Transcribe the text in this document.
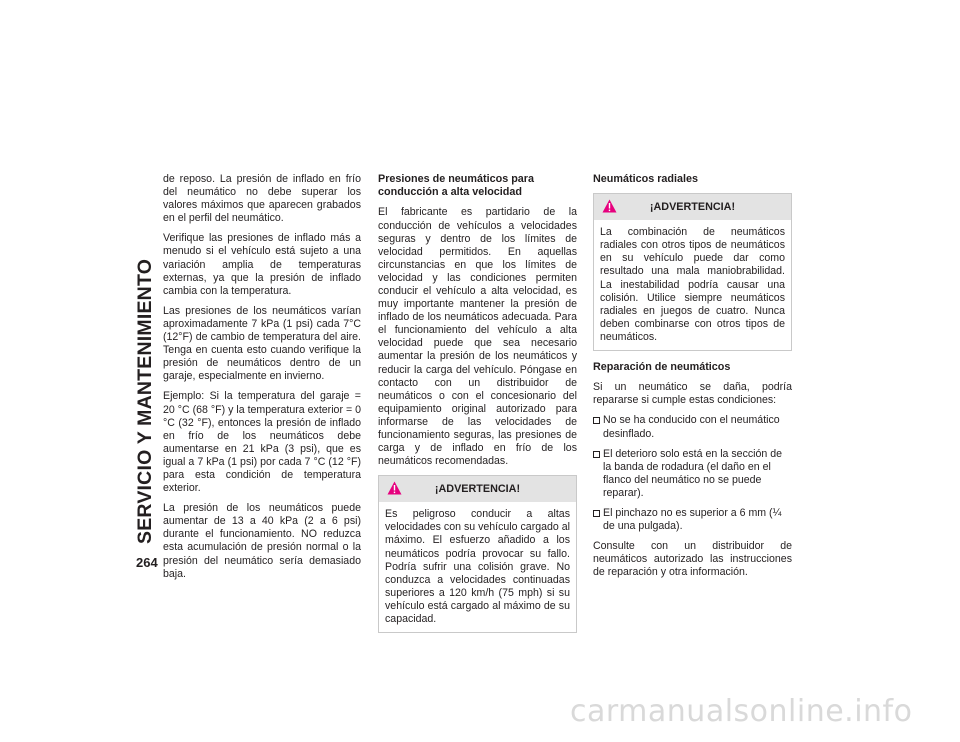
SERVICIO Y MANTENIMIENTO
264

de reposo. La presión de inflado en frío del neumático no debe superar los valores máximos que aparecen grabados en el perfil del neumático.

Verifique las presiones de inflado más a menudo si el vehículo está sujeto a una variación amplia de temperaturas externas, ya que la presión de inflado cambia con la temperatura.

Las presiones de los neumáticos varían aproximadamente 7 kPa (1 psi) cada 7°C (12°F) de cambio de temperatura del aire. Tenga en cuenta esto cuando verifique la presión de neumáticos dentro de un garaje, especialmente en invierno.

Ejemplo: Si la temperatura del garaje = 20 °C (68 °F) y la temperatura exterior = 0 °C (32 °F), entonces la presión de inflado en frío de los neumáticos debe aumentarse en 21 kPa (3 psi), que es igual a 7 kPa (1 psi) por cada 7 °C (12 °F) para esta condición de temperatura exterior.

La presión de los neumáticos puede aumentar de 13 a 40 kPa (2 a 6 psi) durante el funcionamiento. NO reduzca esta acumulación de presión normal o la presión del neumático sería demasiado baja.

Presiones de neumáticos para conducción a alta velocidad

El fabricante es partidario de la conducción de vehículos a velocidades seguras y dentro de los límites de velocidad permitidos. En aquellas circunstancias en que los límites de velocidad y las condiciones permiten conducir el vehículo a alta velocidad, es muy importante mantener la presión de inflado de los neumáticos adecuada. Para el funcionamiento del vehículo a alta velocidad puede que sea necesario aumentar la presión de los neumáticos y reducir la carga del vehículo. Póngase en contacto con un distribuidor de neumáticos o con el concesionario del equipamiento original autorizado para informarse de las velocidades de funcionamiento seguras, las presiones de carga y de inflado en frío de los neumáticos recomendadas.

¡ADVERTENCIA!

Es peligroso conducir a altas velocidades con su vehículo cargado al máximo. El esfuerzo añadido a los neumáticos podría provocar su fallo. Podría sufrir una colisión grave. No conduzca a velocidades continuadas superiores a 120 km/h (75 mph) si su vehículo está cargado al máximo de su capacidad.

Neumáticos radiales
¡ADVERTENCIA!

La combinación de neumáticos radiales con otros tipos de neumáticos en su vehículo puede dar como resultado una mala maniobrabilidad. La inestabilidad podría causar una colisión. Utilice siempre neumáticos radiales en juegos de cuatro. Nunca deben combinarse con otros tipos de neumáticos.

Reparación de neumáticos

Si un neumático se daña, podría repararse si cumple estas condiciones:

No se ha conducido con el neumático desinflado.
El deterioro solo está en la sección de la banda de rodadura (el daño en el flanco del neumático no se puede reparar).
El pinchazo no es superior a 6 mm (¼ de una pulgada).

Consulte con un distribuidor de neumáticos autorizado las instrucciones de reparación y otra información.

carmanualsonline.info
